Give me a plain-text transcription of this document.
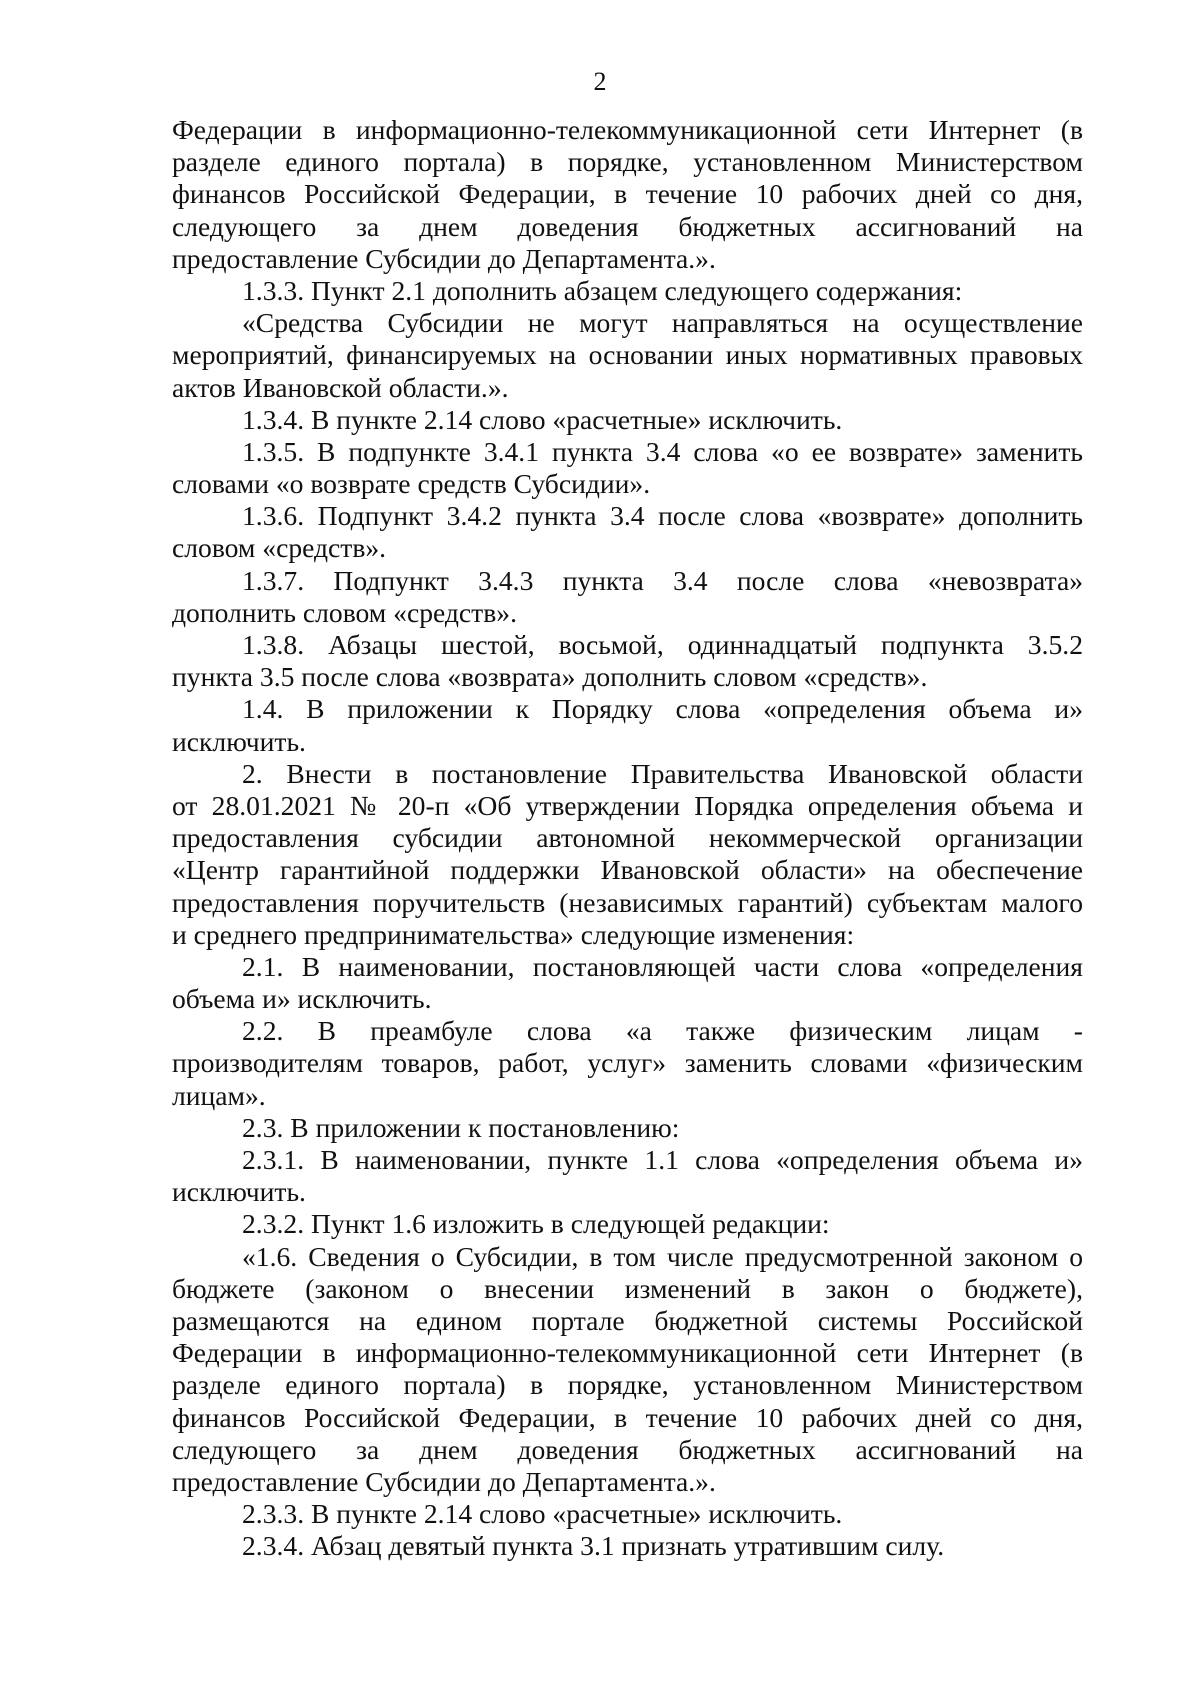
2
Федерации в информационно-телекоммуникационной сети Интернет (в
разделе единого портала) в порядке, установленном Министерством
финансов Российской Федерации, в течение 10 рабочих дней со дня,
следующего за днем доведения бюджетных ассигнований на
предоставление Субсидии до Департамента.».
1.3.3. Пункт 2.1 дополнить абзацем следующего содержания:
«Средства Субсидии не могут направляться на осуществление
мероприятий, финансируемых на основании иных нормативных правовых
актов Ивановской области.».
1.3.4. В пункте 2.14 слово «расчетные» исключить.
1.3.5. В подпункте 3.4.1 пункта 3.4 слова «о ее возврате» заменить
словами «о возврате средств Субсидии».
1.3.6. Подпункт 3.4.2 пункта 3.4 после слова «возврате» дополнить
словом «средств».
1.3.7. Подпункт 3.4.3 пункта 3.4 после слова «невозврата»
дополнить словом «средств».
1.3.8. Абзацы шестой, восьмой, одиннадцатый подпункта 3.5.2
пункта 3.5 после слова «возврата» дополнить словом «средств».
1.4. В приложении к Порядку слова «определения объема и»
исключить.
2. Внести в постановление Правительства Ивановской области
от 28.01.2021 № 20-п «Об утверждении Порядка определения объема и
предоставления субсидии автономной некоммерческой организации
«Центр гарантийной поддержки Ивановской области» на обеспечение
предоставления поручительств (независимых гарантий) субъектам малого
и среднего предпринимательства» следующие изменения:
2.1. В наименовании, постановляющей части слова «определения
объема и» исключить.
2.2. В преамбуле слова «а также физическим лицам -
производителям товаров, работ, услуг» заменить словами «физическим
лицам».
2.3. В приложении к постановлению:
2.3.1. В наименовании, пункте 1.1 слова «определения объема и»
исключить.
2.3.2. Пункт 1.6 изложить в следующей редакции:
«1.6. Сведения о Субсидии, в том числе предусмотренной законом о
бюджете (законом о внесении изменений в закон о бюджете),
размещаются на едином портале бюджетной системы Российской
Федерации в информационно-телекоммуникационной сети Интернет (в
разделе единого портала) в порядке, установленном Министерством
финансов Российской Федерации, в течение 10 рабочих дней со дня,
следующего за днем доведения бюджетных ассигнований на
предоставление Субсидии до Департамента.».
2.3.3. В пункте 2.14 слово «расчетные» исключить.
2.3.4. Абзац девятый пункта 3.1 признать утратившим силу.
